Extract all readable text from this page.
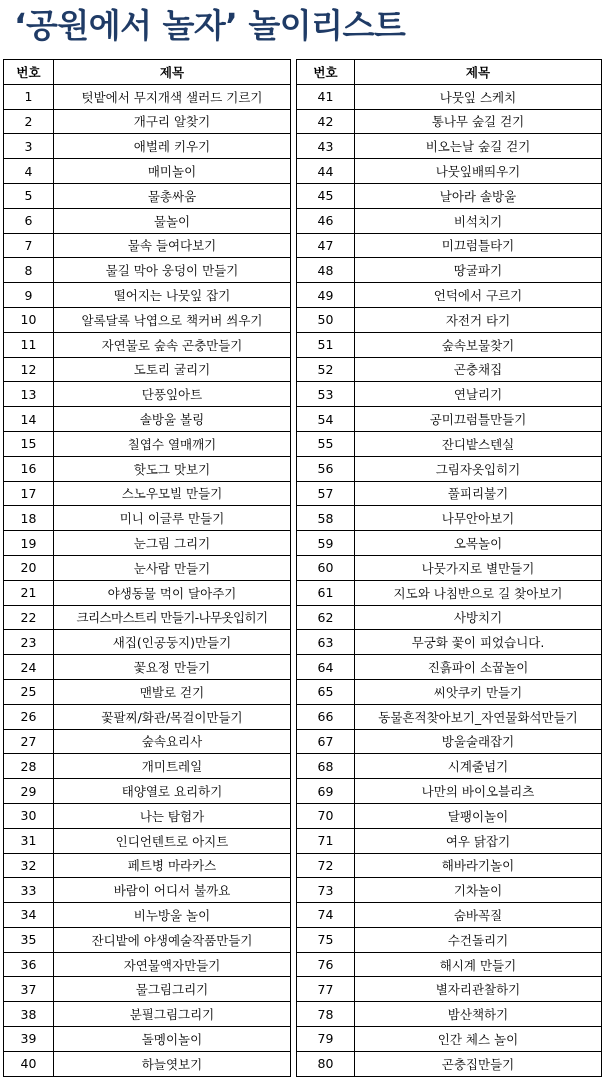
‘공원에서 놀자’ 놀이리스트
번호	제목
1	텃밭에서 무지개색 샐러드 기르기
2	개구리 알찾기
3	애벌레 키우기
4	매미놀이
5	물총싸움
6	물놀이
7	물속 들여다보기
8	물길 막아 웅덩이 만들기
9	떨어지는 나뭇잎 잡기
10	알록달록 낙엽으로 책커버 씌우기
11	자연물로 숲속 곤충만들기
12	도토리 굴리기
13	단풍잎아트
14	솔방울 볼링
15	칠엽수 열매깨기
16	핫도그 맛보기
17	스노우모빌 만들기
18	미니 이글루 만들기
19	눈그림 그리기
20	눈사람 만들기
21	야생동물 먹이 달아주기
22	크리스마스트리 만들기-나무옷입히기
23	새집(인공둥지)만들기
24	꽃요정 만들기
25	맨발로 걷기
26	꽃팔찌/화관/목걸이만들기
27	숲속요리사
28	개미트레일
29	태양열로 요리하기
30	나는 탐험가
31	인디언텐트로 아지트
32	페트병 마라카스
33	바람이 어디서 불까요
34	비누방울 놀이
35	잔디밭에 야생예술작품만들기
36	자연물액자만들기
37	물그림그리기
38	분필그림그리기
39	돌멩이놀이
40	하늘엿보기
번호	제목
41	나뭇잎 스케치
42	통나무 숲길 걷기
43	비오는날 숲길 걷기
44	나뭇잎배띄우기
45	날아라 솔방울
46	비석치기
47	미끄럼틀타기
48	땅굴파기
49	언덕에서 구르기
50	자전거 타기
51	숲속보물찾기
52	곤충채집
53	연날리기
54	공미끄럼틀만들기
55	잔디밭스텐실
56	그림자옷입히기
57	풀피리불기
58	나무안아보기
59	오목놀이
60	나뭇가지로 별만들기
61	지도와 나침반으로 길 찾아보기
62	사방치기
63	무궁화 꽃이 피었습니다.
64	진흙파이 소꿉놀이
65	씨앗쿠키 만들기
66	동물흔적찾아보기_자연물화석만들기
67	방울술래잡기
68	시계줄넘기
69	나만의 바이오블리츠
70	달팽이놀이
71	여우 닭잡기
72	해바라기놀이
73	기차놀이
74	숨바꼭질
75	수건돌리기
76	해시계 만들기
77	별자리관찰하기
78	밤산책하기
79	인간 체스 놀이
80	곤충집만들기
